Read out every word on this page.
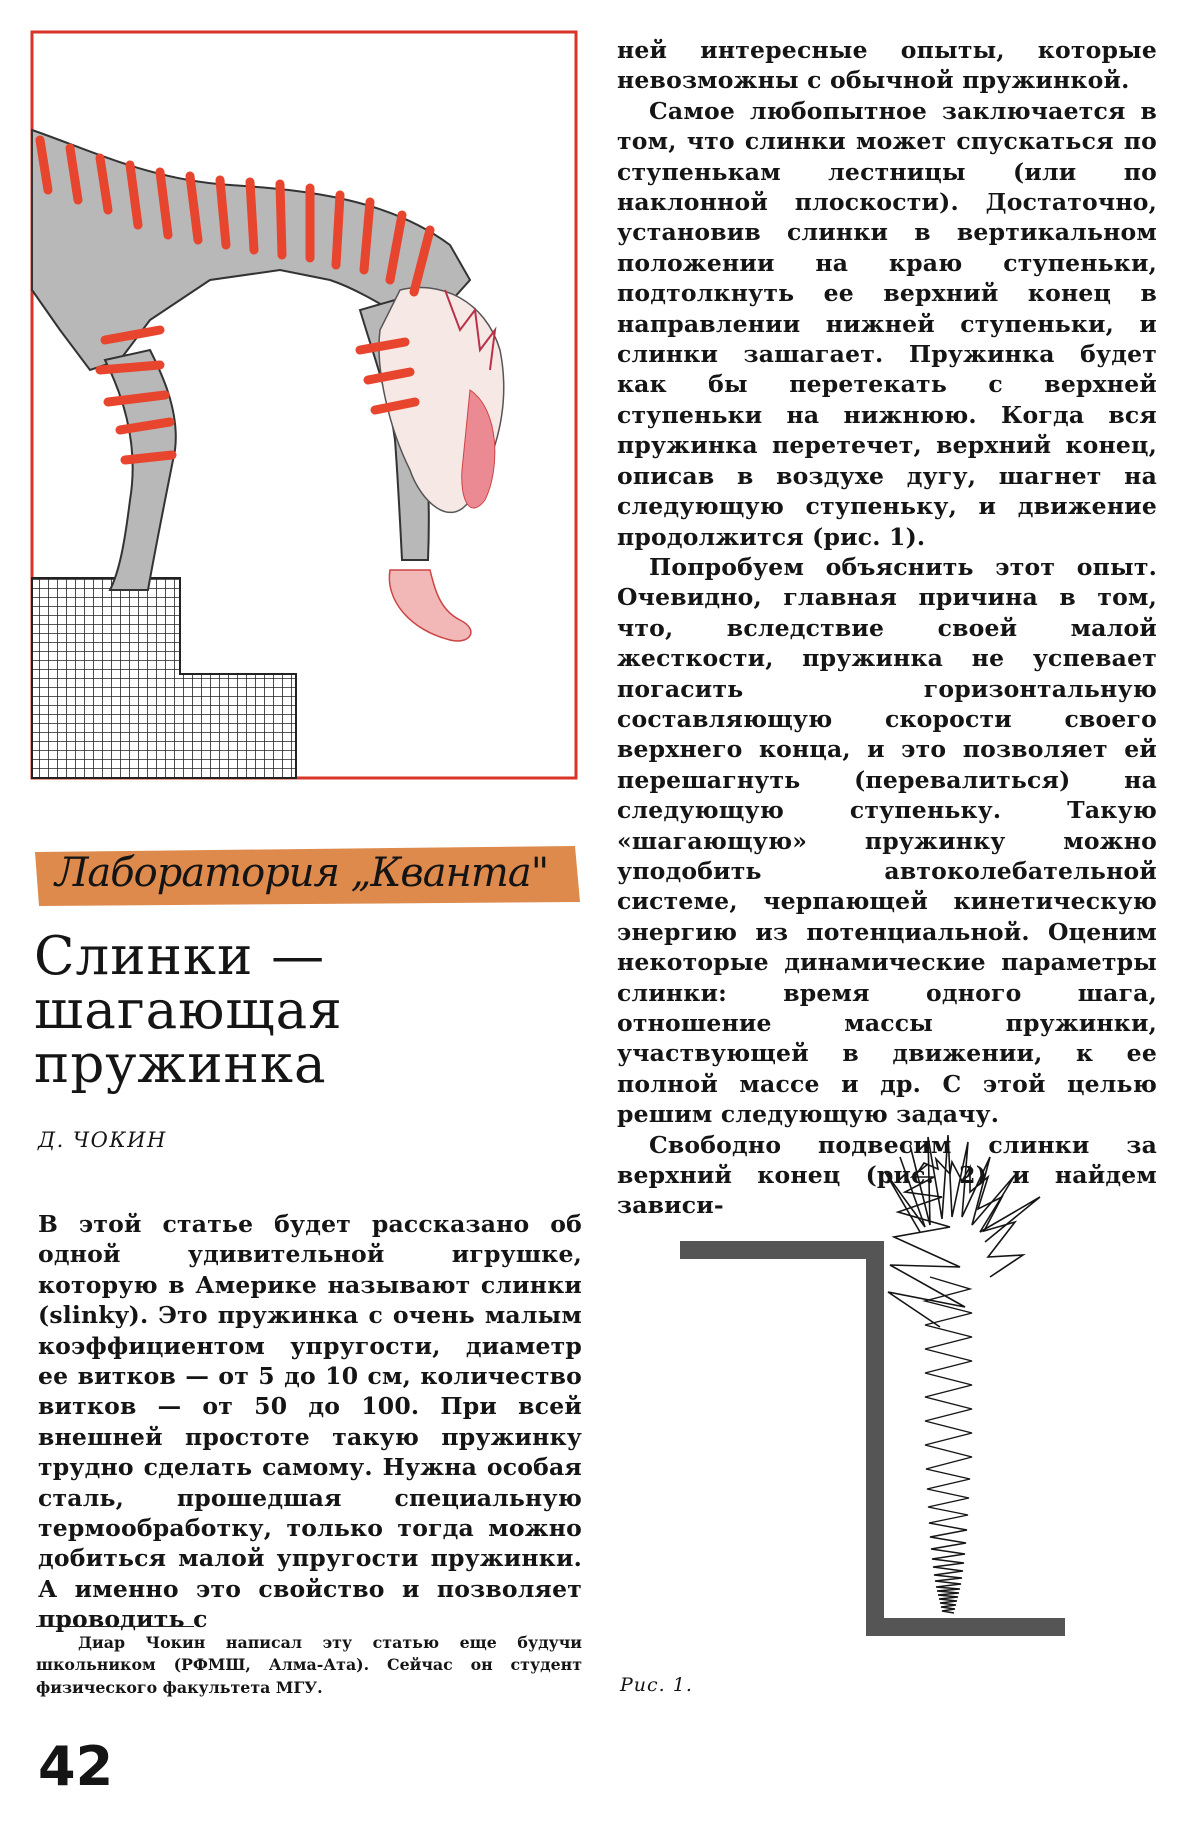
Лаборатория „Кванта"
Слинки —
шагающая
пружинка
Д. ЧОКИН

В этой статье будет рассказано об одной удивительной игрушке, которую в Америке называют слинки (slinky). Это пружинка с очень малым коэффициентом упругости, диаметр ее витков — от 5 до 10 см, количество витков — от 50 до 100. При всей внешней простоте такую пружинку трудно сделать самому. Нужна особая сталь, прошедшая специальную термообработку, только тогда можно добиться малой упругости пружинки. А именно это свойство и позволяет проводить с

Диар Чокин написал эту статью еще будучи школьником (РФМШ, Алма-Ата). Сейчас он студент физического факультета МГУ.

42

ней интересные опыты, которые невозможны с обычной пружинкой.

Самое любопытное заключается в том, что слинки может спускаться по ступенькам лестницы (или по наклонной плоскости). Достаточно, установив слинки в вертикальном положении на краю ступеньки, подтолкнуть ее верхний конец в направлении нижней ступеньки, и слинки зашагает. Пружинка будет как бы перетекать с верхней ступеньки на нижнюю. Когда вся пружинка перетечет, верхний конец, описав в воздухе дугу, шагнет на следующую ступеньку, и движение продолжится (рис. 1).

Попробуем объяснить этот опыт. Очевидно, главная причина в том, что, вследствие своей малой жесткости, пружинка не успевает погасить горизонтальную составляющую скорости своего верхнего конца, и это позволяет ей перешагнуть (перевалиться) на следующую ступеньку. Такую «шагающую» пружинку можно уподобить автоколебательной системе, черпающей кинетическую энергию из потенциальной. Оценим некоторые динамические параметры слинки: время одного шага, отношение массы пружинки, участвующей в движении, к ее полной массе и др. С этой целью решим следующую задачу.

Свободно подвесим слинки за верхний конец (рис. 2) и найдем зависи-

Рис. 1.
